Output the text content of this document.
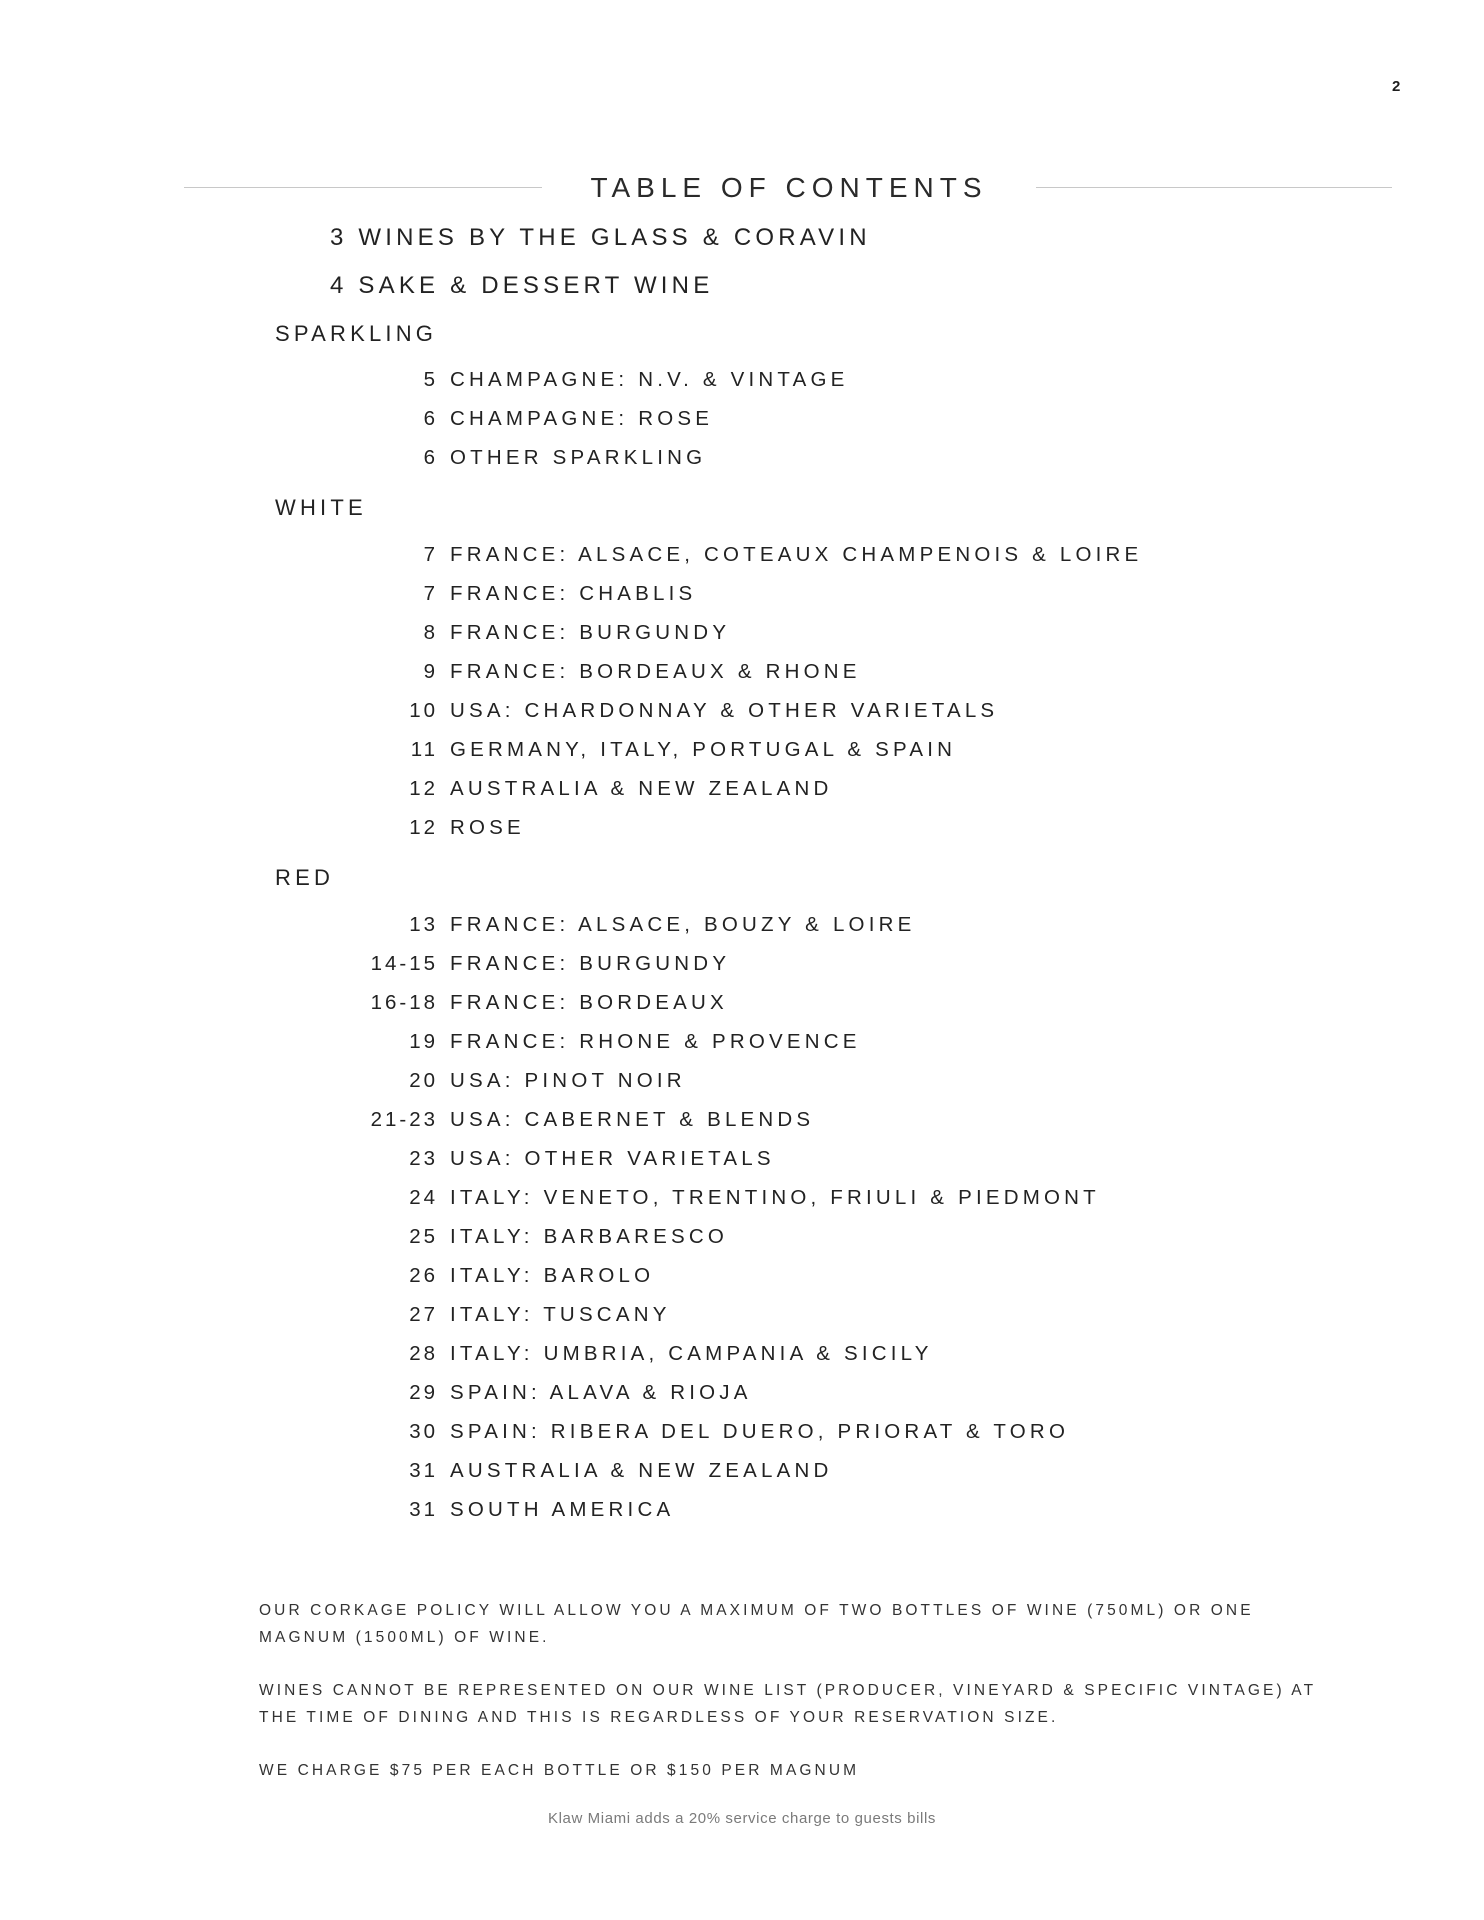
2
TABLE OF CONTENTS
3 WINES BY THE GLASS & CORAVIN
4 SAKE & DESSERT WINE
SPARKLING
5 CHAMPAGNE: N.V. & VINTAGE
6 CHAMPAGNE: ROSE
6 OTHER SPARKLING
WHITE
7 FRANCE: ALSACE, COTEAUX CHAMPENOIS & LOIRE
7 FRANCE: CHABLIS
8 FRANCE: BURGUNDY
9 FRANCE: BORDEAUX & RHONE
10 USA: CHARDONNAY & OTHER VARIETALS
11 GERMANY, ITALY, PORTUGAL & SPAIN
12 AUSTRALIA & NEW ZEALAND
12 ROSE
RED
13 FRANCE: ALSACE, BOUZY & LOIRE
14-15 FRANCE: BURGUNDY
16-18 FRANCE: BORDEAUX
19 FRANCE: RHONE & PROVENCE
20 USA: PINOT NOIR
21-23 USA: CABERNET & BLENDS
23 USA: OTHER VARIETALS
24 ITALY: VENETO, TRENTINO, FRIULI & PIEDMONT
25 ITALY: BARBARESCO
26 ITALY: BAROLO
27 ITALY: TUSCANY
28 ITALY: UMBRIA, CAMPANIA & SICILY
29 SPAIN: ALAVA & RIOJA
30 SPAIN: RIBERA DEL DUERO, PRIORAT & TORO
31 AUSTRALIA & NEW ZEALAND
31 SOUTH AMERICA

OUR CORKAGE POLICY WILL ALLOW YOU A MAXIMUM OF TWO BOTTLES OF WINE (750ML) OR ONE MAGNUM (1500ML) OF WINE.

WINES CANNOT BE REPRESENTED ON OUR WINE LIST (PRODUCER, VINEYARD & SPECIFIC VINTAGE) AT THE TIME OF DINING AND THIS IS REGARDLESS OF YOUR RESERVATION SIZE.

WE CHARGE $75 PER EACH BOTTLE OR $150 PER MAGNUM

Klaw Miami adds a 20% service charge to guests bills
